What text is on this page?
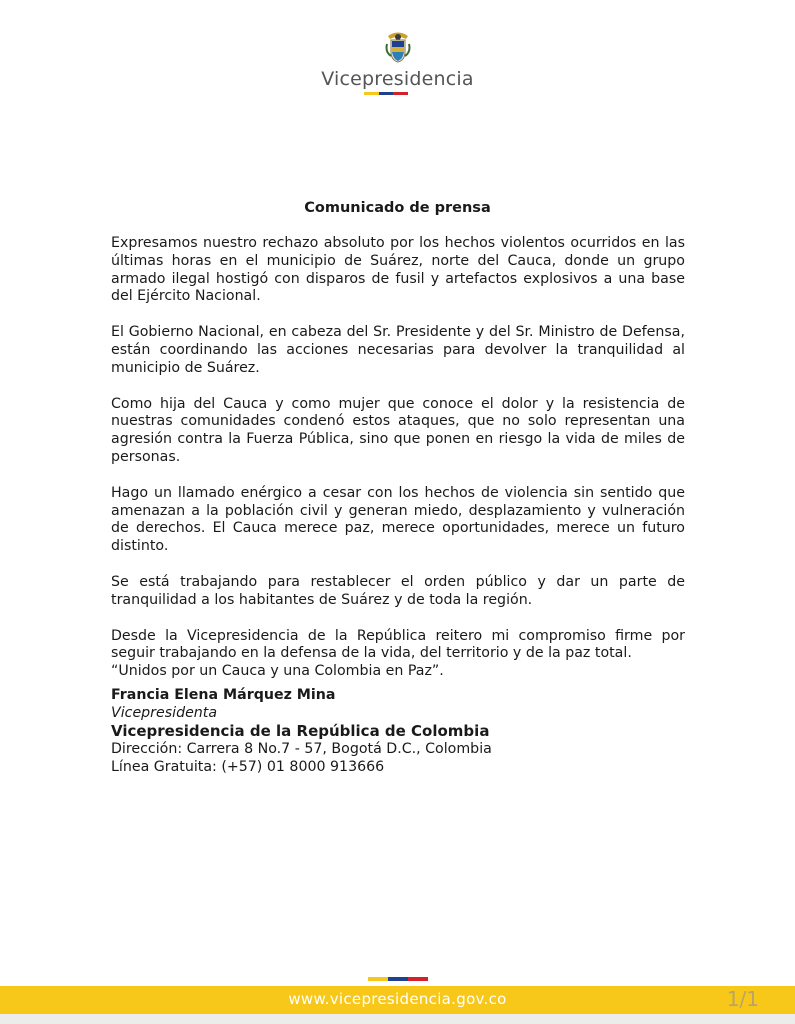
Vicepresidencia
Comunicado de prensa

Expresamos nuestro rechazo absoluto por los hechos violentos ocurridos en las últimas horas en el municipio de Suárez, norte del Cauca, donde un grupo armado ilegal hostigó con disparos de fusil y artefactos explosivos a una base del Ejército Nacional.

El Gobierno Nacional, en cabeza del Sr. Presidente y del Sr. Ministro de Defensa, están coordinando las acciones necesarias para devolver la tranquilidad al municipio de Suárez.

Como hija del Cauca y como mujer que conoce el dolor y la resistencia de nuestras comunidades condenó estos ataques, que no solo representan una agresión contra la Fuerza Pública, sino que ponen en riesgo la vida de miles de personas.

Hago un llamado enérgico a cesar con los hechos de violencia sin sentido que amenazan a la población civil y generan miedo, desplazamiento y vulneración de derechos. El Cauca merece paz, merece oportunidades, merece un futuro distinto.

Se está trabajando para restablecer el orden público y dar un parte de tranquilidad a los habitantes de Suárez y de toda la región.

Desde la Vicepresidencia de la República reitero mi compromiso firme por seguir trabajando en la defensa de la vida, del territorio y de la paz total.
“Unidos por un Cauca y una Colombia en Paz”.

Francia Elena Márquez Mina
Vicepresidenta
Vicepresidencia de la República de Colombia
Dirección: Carrera 8 No.7 - 57, Bogotá D.C., Colombia
Línea Gratuita: (+57) 01 8000 913666
www.vicepresidencia.gov.co	1/1
